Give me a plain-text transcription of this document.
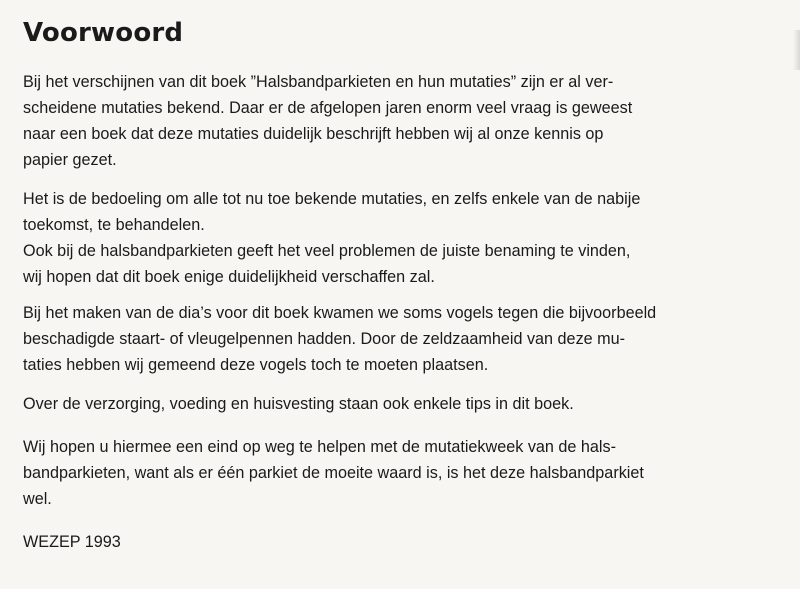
Voorwoord

Bij het verschijnen van dit boek ”Halsbandparkieten en hun mutaties” zijn er al ver-

scheidene mutaties bekend. Daar er de afgelopen jaren enorm veel vraag is geweest

naar een boek dat deze mutaties duidelijk beschrijft hebben wij al onze kennis op

papier gezet.

Het is de bedoeling om alle tot nu toe bekende mutaties, en zelfs enkele van de nabije

toekomst, te behandelen.

Ook bij de halsbandparkieten geeft het veel problemen de juiste benaming te vinden,

wij hopen dat dit boek enige duidelijkheid verschaffen zal.

Bij het maken van de dia’s voor dit boek kwamen we soms vogels tegen die bijvoorbeeld

beschadigde staart- of vleugelpennen hadden. Door de zeldzaamheid van deze mu-

taties hebben wij gemeend deze vogels toch te moeten plaatsen.

Over de verzorging, voeding en huisvesting staan ook enkele tips in dit boek.

Wij hopen u hiermee een eind op weg te helpen met de mutatiekweek van de hals-

bandparkieten, want als er één parkiet de moeite waard is, is het deze halsbandparkiet

wel.

WEZEP 1993
